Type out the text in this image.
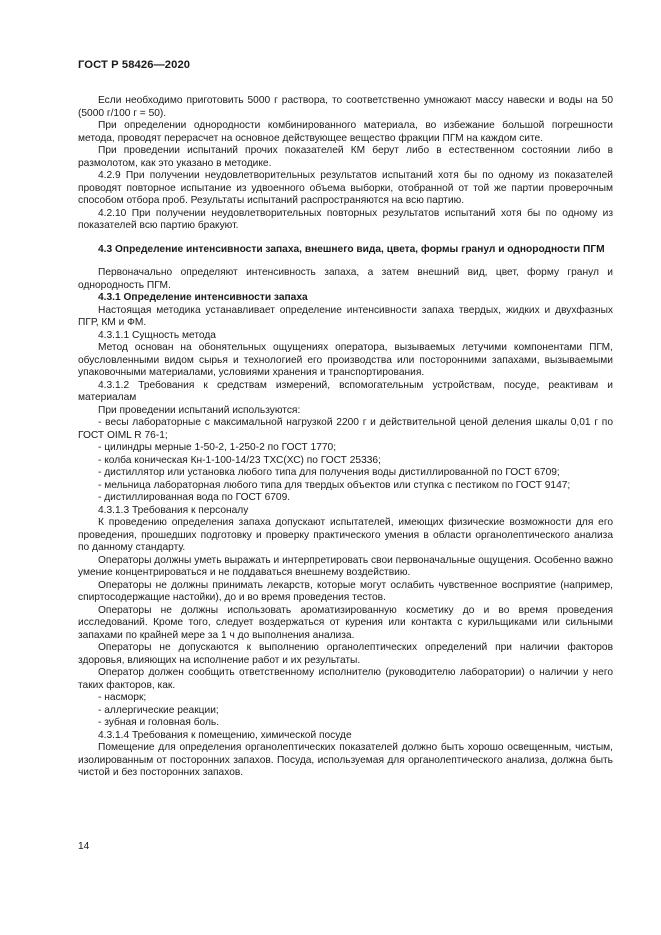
ГОСТ Р 58426—2020

Если необходимо приготовить 5000 г раствора, то соответственно умножают массу навески и воды на 50 (5000 г/100 г = 50).

При определении однородности комбинированного материала, во избежание большой погрешности метода, проводят перерасчет на основное действующее вещество фракции ПГМ на каждом сите.

При проведении испытаний прочих показателей КМ берут либо в естественном состоянии либо в размолотом, как это указано в методике.

4.2.9 При получении неудовлетворительных результатов испытаний хотя бы по одному из показателей проводят повторное испытание из удвоенного объема выборки, отобранной от той же партии проверочным способом отбора проб. Результаты испытаний распространяются на всю партию.

4.2.10 При получении неудовлетворительных повторных результатов испытаний хотя бы по одному из показателей всю партию бракуют.

4.3 Определение интенсивности запаха, внешнего вида, цвета, формы гранул и однородности ПГМ

Первоначально определяют интенсивность запаха, а затем внешний вид, цвет, форму гранул и однородность ПГМ.

4.3.1 Определение интенсивности запаха

Настоящая методика устанавливает определение интенсивности запаха твердых, жидких и двухфазных ПГР, КМ и ФМ.

4.3.1.1 Сущность метода

Метод основан на обонятельных ощущениях оператора, вызываемых летучими компонентами ПГМ, обусловленными видом сырья и технологией его производства или посторонними запахами, вызываемыми упаковочными материалами, условиями хранения и транспортирования.

4.3.1.2 Требования к средствам измерений, вспомогательным устройствам, посуде, реактивам и материалам

При проведении испытаний используются:

- весы лабораторные с максимальной нагрузкой 2200 г и действительной ценой деления шкалы 0,01 г по ГОСТ OIML R 76-1;

- цилиндры мерные 1-50-2, 1-250-2 по ГОСТ 1770;

- колба коническая Кн-1-100-14/23 ТХС(ХС) по ГОСТ 25336;

- дистиллятор или установка любого типа для получения воды дистиллированной по ГОСТ 6709;

- мельница лабораторная любого типа для твердых объектов или ступка с пестиком по ГОСТ 9147;

- дистиллированная вода по ГОСТ 6709.

4.3.1.3 Требования к персоналу

К проведению определения запаха допускают испытателей, имеющих физические возможности для его проведения, прошедших подготовку и проверку практического умения в области органолептического анализа по данному стандарту.

Операторы должны уметь выражать и интерпретировать свои первоначальные ощущения. Особенно важно умение концентрироваться и не поддаваться внешнему воздействию.

Операторы не должны принимать лекарств, которые могут ослабить чувственное восприятие (например, спиртосодержащие настойки), до и во время проведения тестов.

Операторы не должны использовать ароматизированную косметику до и во время проведения исследований. Кроме того, следует воздержаться от курения или контакта с курильщиками или сильными запахами по крайней мере за 1 ч до выполнения анализа.

Операторы не допускаются к выполнению органолептических определений при наличии факторов здоровья, влияющих на исполнение работ и их результаты.

Оператор должен сообщить ответственному исполнителю (руководителю лаборатории) о наличии у него таких факторов, как.

- насморк;

- аллергические реакции;

- зубная и головная боль.

4.3.1.4 Требования к помещению, химической посуде

Помещение для определения органолептических показателей должно быть хорошо освещенным, чистым, изолированным от посторонних запахов. Посуда, используемая для органолептического анализа, должна быть чистой и без посторонних запахов.

14
